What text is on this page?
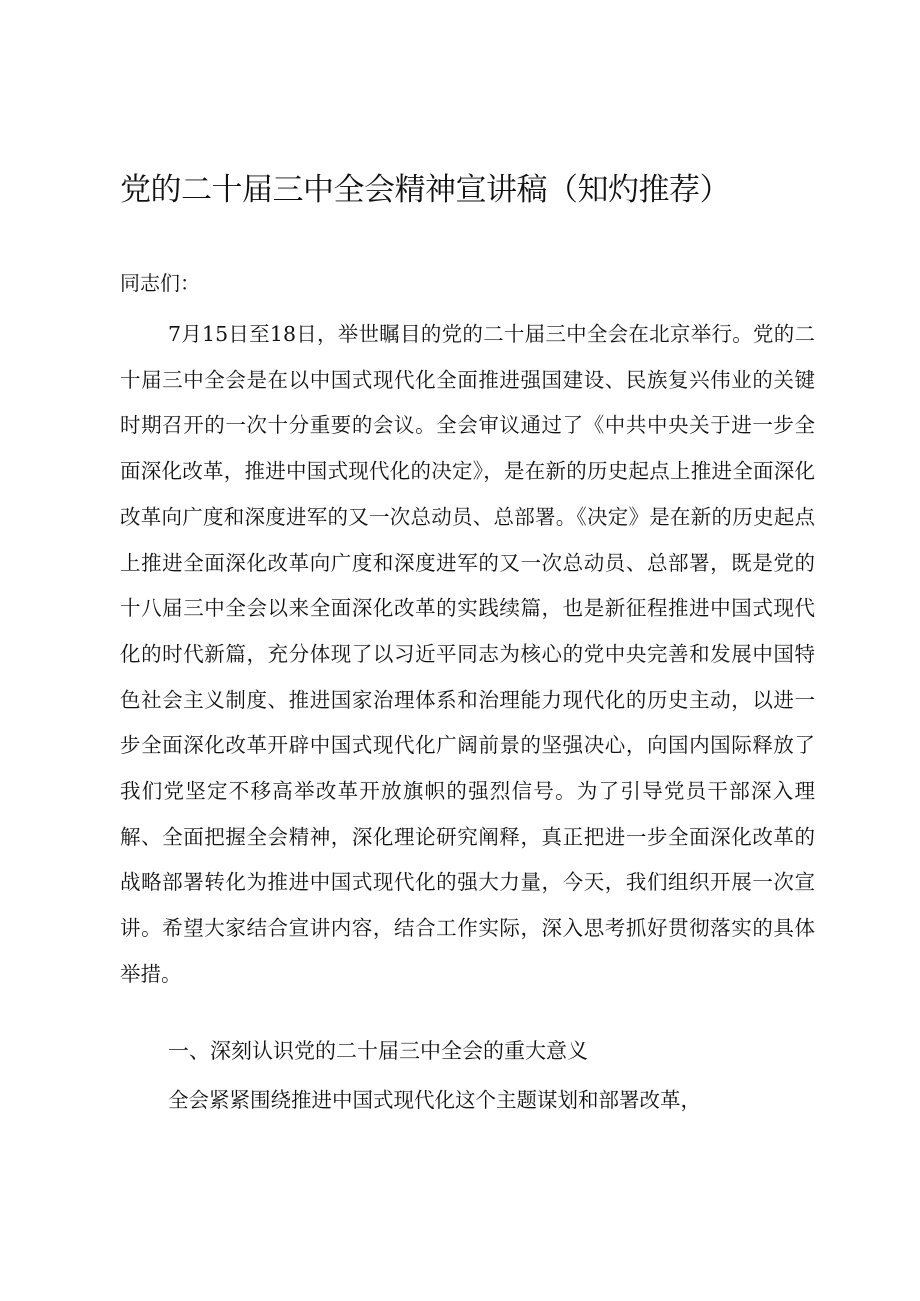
党的二十届三中全会精神宣讲稿（知灼推荐）

同志们：

7月15日至18日，举世瞩目的党的二十届三中全会在北京举行。党的二十届三中全会是在以中国式现代化全面推进强国建设、民族复兴伟业的关键时期召开的一次十分重要的会议。全会审议通过了《中共中央关于进一步全面深化改革，推进中国式现代化的决定》，是在新的历史起点上推进全面深化改革向广度和深度进军的又一次总动员、总部署。《决定》是在新的历史起点上推进全面深化改革向广度和深度进军的又一次总动员、总部署，既是党的十八届三中全会以来全面深化改革的实践续篇，也是新征程推进中国式现代化的时代新篇，充分体现了以习近平同志为核心的党中央完善和发展中国特色社会主义制度、推进国家治理体系和治理能力现代化的历史主动，以进一步全面深化改革开辟中国式现代化广阔前景的坚强决心，向国内国际释放了我们党坚定不移高举改革开放旗帜的强烈信号。为了引导党员干部深入理解、全面把握全会精神，深化理论研究阐释，真正把进一步全面深化改革的战略部署转化为推进中国式现代化的强大力量，今天，我们组织开展一次宣讲。希望大家结合宣讲内容，结合工作实际，深入思考抓好贯彻落实的具体举措。

一、深刻认识党的二十届三中全会的重大意义

全会紧紧围绕推进中国式现代化这个主题谋划和部署改革，
